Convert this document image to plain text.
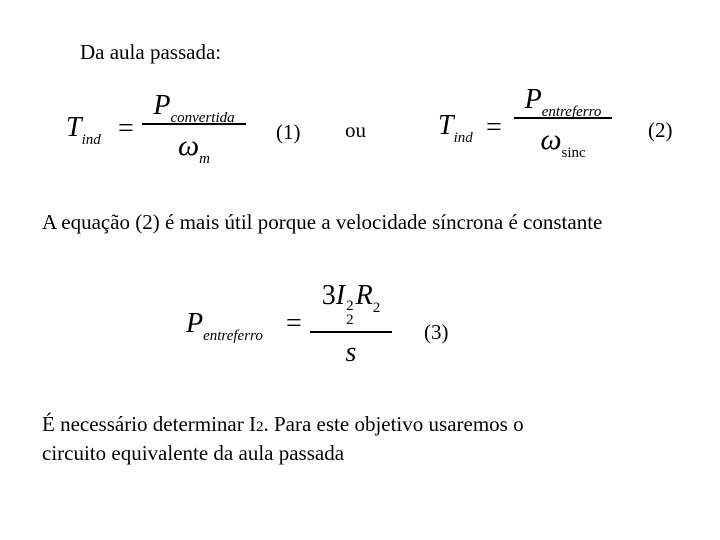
Da aula passada:
$T_{ind}$ =
$P_{convertida}$
$\omega_m$
(1) ou	$T_{ind}$ =
$P_{entreferro}$
$\omega_{sinc}$
(2)
A equação (2) é mais útil porque a velocidade síncrona é constante
$P_{entreferro}$ =
3I 2
2
$R_2$
s
(3)
É necessário determinar I2. Para este objetivo usaremos o
circuito equivalente da aula passada
